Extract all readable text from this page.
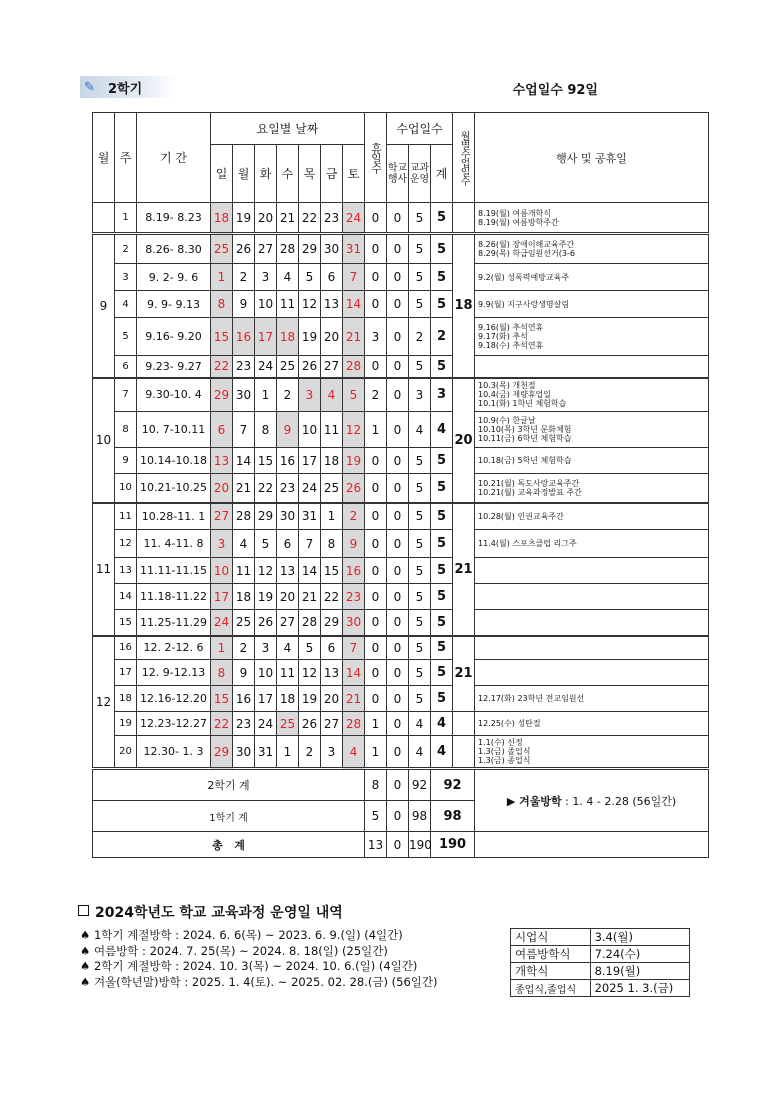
✎ 2학기	수업일수 92일
월	주	기 간	요일별 날짜							휴일수	수업일수			월별수업일수	행사 및 공휴일
			일	월	화	수	목	금	토		학교행사	교과운영	계		
	1	8.19- 8.23	18	19	20	21	22	23	24	0	0	5	5		8.19(월) 여름개학식
8.19(월) 여름방학주간

9	2	8.26- 8.30	25	26	27	28	29	30	31	0	0	5	5	18	8.26(월) 장애이해교육주간
8.29(목) 학급임원선거(3-6

	3	9. 2- 9. 6	1	2	3	4	5	6	7	0	0	5	5		9.2(월) 성폭력예방교육주

	4	9. 9- 9.13	8	9	10	11	12	13	14	0	0	5	5		9.9(월) 지구사랑생명살림

	5	9.16- 9.20	15	16	17	18	19	20	21	3	0	2	2		9.16(월) 추석연휴
9.17(화) 추석
9.18(수) 추석연휴

	6	9.23- 9.27	22	23	24	25	26	27	28	0	0	5	5		
10	7	9.30-10. 4	29	30	1	2	3	4	5	2	0	3	3	20	10.3(목) 개천절
10.4(금) 재량휴업일
10.1(화) 1학년 체험학습

	8	10. 7-10.11	6	7	8	9	10	11	12	1	0	4	4		10.9(수) 한글날
10.10(목) 3학년 문화체험
10.11(금) 6학년 체험학습

	9	10.14-10.18	13	14	15	16	17	18	19	0	0	5	5		10.18(금) 5학년 체험학습

	10	10.21-10.25	20	21	22	23	24	25	26	0	0	5	5		10.21(월) 독도사랑교육주간
10.21(월) 교육과정발표 주간

11	11	10.28-11. 1	27	28	29	30	31	1	2	0	0	5	5	21	10.28(월) 인권교육주간

	12	11. 4-11. 8	3	4	5	6	7	8	9	0	0	5	5		11.4(월) 스포츠클럽 리그주

	13	11.11-11.15	10	11	12	13	14	15	16	0	0	5	5		
	14	11.18-11.22	17	18	19	20	21	22	23	0	0	5	5		
	15	11.25-11.29	24	25	26	27	28	29	30	0	0	5	5		
12	16	12. 2-12. 6	1	2	3	4	5	6	7	0	0	5	5	21	
	17	12. 9-12.13	8	9	10	11	12	13	14	0	0	5	5		
	18	12.16-12.20	15	16	17	18	19	20	21	0	0	5	5		12.17(화) 23학년 전교임원선

	19	12.23-12.27	22	23	24	25	26	27	28	1	0	4	4		12.25(수) 성탄절

	20	12.30- 1. 3	29	30	31	1	2	3	4	1	0	4	4		1.1(수) 신정
1.3(금) 졸업식
1.3(금) 종업식

2학기 계										8	0	92	92		▶ 겨울방학 : 1. 4 - 2.28 (56일간)
1학기 계										5	0	98	98		
총   계										13	0	190	190		
2024학년도 학교 교육과정 운영일 내역
♠ 1학기 계절방학 : 2024. 6. 6(목) ~ 2023. 6. 9.(일) (4일간)
♠ 여름방학 : 2024. 7. 25(목) ~ 2024. 8. 18(일) (25일간)
♠ 2학기 계절방학 : 2024. 10. 3(목) ~ 2024. 10. 6.(일) (4일간)
♠ 겨울(학년말)방학 : 2025. 1. 4(토). ~ 2025. 02. 28.(금) (56일간)
시업식	3.4(월)
여름방학식	7.24(수)
개학식	8.19(월)
종업식,졸업식	2025 1. 3.(금)
